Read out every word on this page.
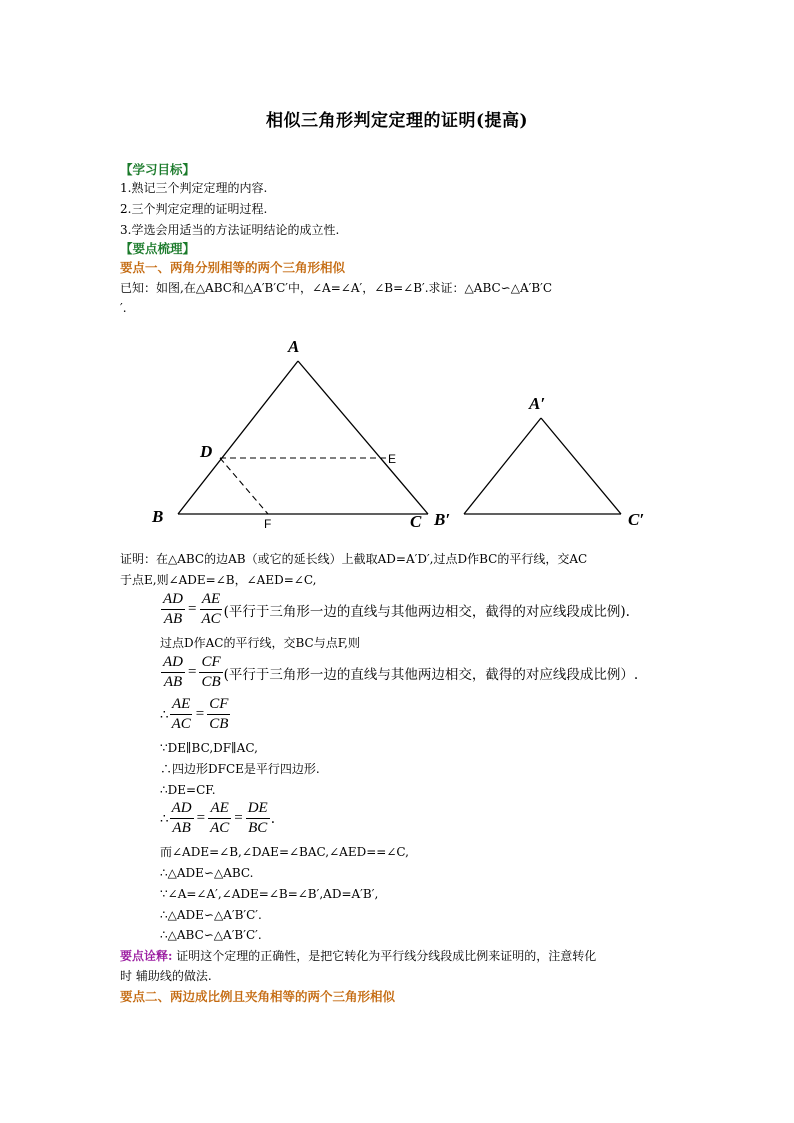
相似三角形判定定理的证明(提高)
【学习目标】
1.熟记三个判定定理的内容.
2.三个判定定理的证明过程.
3.学选会用适当的方法证明结论的成立性.
【要点梳理】
要点一、两角分别相等的两个三角形相似
已知：如图,在△ABC和△A′B′C′中，∠A=∠A′，∠B=∠B′.求证：△ABC∽△A′B′C
′.
A
B	C
D	E
F
A′
B′	C′
证明：在△ABC的边AB（或它的延长线）上截取AD=A′D′,过点D作BC的平行线，交AC
于点E,则∠ADE=∠B，∠AED=∠C,
$\frac{AD}{AB} = \frac{AE}{AC}$ (平行于三角形一边的直线与其他两边相交，截得的对应线段成比例).
过点D作AC的平行线，交BC与点F,则
$\frac{AD}{AB} = \frac{CF}{CB}$ (平行于三角形一边的直线与其他两边相交，截得的对应线段成比例）.
∴ $\frac{AE}{AC} = \frac{CF}{CB}$
∵DE∥BC,DF∥AC,
∴四边形DFCE是平行四边形.
∴DE=CF.
∴ $\frac{AD}{AB} = \frac{AE}{AC} = \frac{DE}{BC}$ .
而∠ADE=∠B,∠DAE=∠BAC,∠AED==∠C,
∴△ADE∽△ABC.
∵∠A=∠A′,∠ADE=∠B=∠B′,AD=A′B′,
∴△ADE∽△A′B′C′.
∴△ABC∽△A′B′C′.
要点诠释: 证明这个定理的正确性，是把它转化为平行线分线段成比例来证明的，注意转化
时 辅助线的做法.
要点二、两边成比例且夹角相等的两个三角形相似
